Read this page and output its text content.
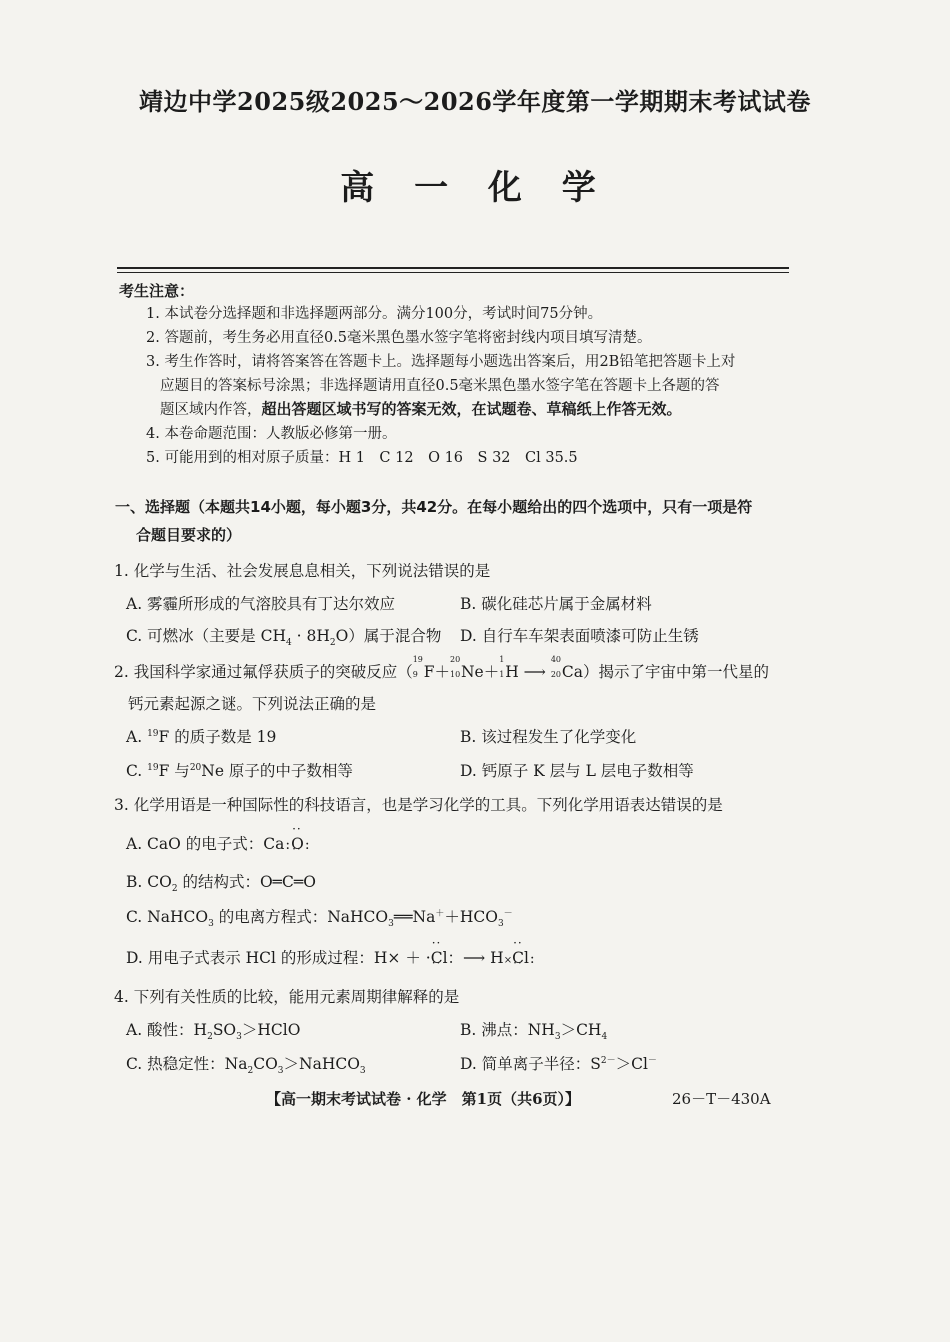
靖边中学2025级2025～2026学年度第一学期期末考试试卷
高 一 化 学
考生注意：
1. 本试卷分选择题和非选择题两部分。满分100分，考试时间75分钟。
2. 答题前，考生务必用直径0.5毫米黑色墨水签字笔将密封线内项目填写清楚。
3. 考生作答时，请将答案答在答题卡上。选择题每小题选出答案后，用2B铅笔把答题卡上对
应题目的答案标号涂黑；非选择题请用直径0.5毫米黑色墨水签字笔在答题卡上各题的答
题区域内作答，超出答题区域书写的答案无效，在试题卷、草稿纸上作答无效。
4. 本卷命题范围：人教版必修第一册。
5. 可能用到的相对原子质量：H 1　C 12　O 16　S 32　Cl 35.5
一、选择题（本题共14小题，每小题3分，共42分。在每小题给出的四个选项中，只有一项是符
合题目要求的）
1. 化学与生活、社会发展息息相关，下列说法错误的是
A. 雾霾所形成的气溶胶具有丁达尔效应	B. 碳化硅芯片属于金属材料
C. 可燃冰（主要是 $CH_4 \cdot 8H_2O$）属于混合物 D. 自行车车架表面喷漆可防止生锈
2. 我国科学家通过氟俘获质子的突破反应（
19
9 F＋
20
10 Ne＋
1
1 H ⟶
40
20 Ca）揭示了宇宙中第一代星的
钙元素起源之谜。下列说法正确的是
A. $^{19}$F 的质子数是 19	B. 该过程发生了化学变化
C. $^{19}$F 与$^{20}$Ne 原子的中子数相等	D. 钙原子 K 层与 L 层电子数相等
3. 化学用语是一种国际性的科技语言，也是学习化学的工具。下列化学用语表达错误的是
A. CaO 的电子式：Ca:·· O ··:
B. $CO_2$ 的结构式：O═C═O
C. NaHCO$_3$ 的电离方程式：$NaHCO_3══Na^++HCO_3^-$
D. 用电子式表示 HCl 的形成过程：H× ＋ ··· Cl ··：⟶ H×·· Cl ··:
4. 下列有关性质的比较，能用元素周期律解释的是
A. 酸性：$H_2SO_3>HClO$	B. 沸点：$NH_3>CH_4$
C. 热稳定性：$Na_2CO_3>NaHCO_3$	D. 简单离子半径：$S^{2-}>Cl^-$
【高一期末考试试卷 · 化学　第1页（共6页）】	26－T－430A
